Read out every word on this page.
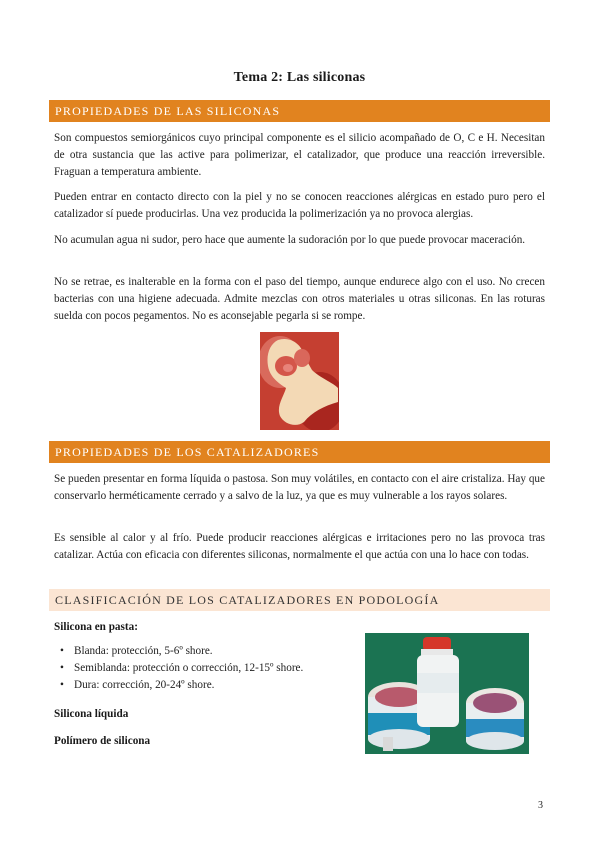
Tema 2: Las siliconas
PROPIEDADES DE LAS SILICONAS
Son compuestos semiorgánicos cuyo principal componente es el silicio acompañado de O, C e H. Necesitan de otra sustancia que las active para polimerizar, el catalizador, que produce una reacción irreversible. Fraguan a temperatura ambiente.
Pueden entrar en contacto directo con la piel y no se conocen reacciones alérgicas en estado puro pero el catalizador sí puede producirlas. Una vez producida la polimerización ya no provoca alergias.
No acumulan agua ni sudor, pero hace que aumente la sudoración por lo que puede provocar maceración.
No se retrae, es inalterable en la forma con el paso del tiempo, aunque endurece algo con el uso. No crecen bacterias con una higiene adecuada. Admite mezclas con otros materiales u otras siliconas. En las roturas suelda con pocos pegamentos. No es aconsejable pegarla si se rompe.
PROPIEDADES DE LOS CATALIZADORES
Se pueden presentar en forma líquida o pastosa. Son muy volátiles, en contacto con el aire cristaliza. Hay que conservarlo herméticamente cerrado y a salvo de la luz, ya que es muy vulnerable a los rayos solares.
Es sensible al calor y al frío. Puede producir reacciones alérgicas e irritaciones pero no las provoca tras catalizar. Actúa con eficacia con diferentes siliconas, normalmente el que actúa con una lo hace con todas.
CLASIFICACIÓN DE LOS CATALIZADORES EN PODOLOGÍA
Silicona en pasta:
• Blanda: protección, 5-6º shore.
• Semiblanda: protección o corrección, 12-15º shore.
• Dura: corrección, 20-24º shore.
Silicona líquida
Polímero de silicona
3
